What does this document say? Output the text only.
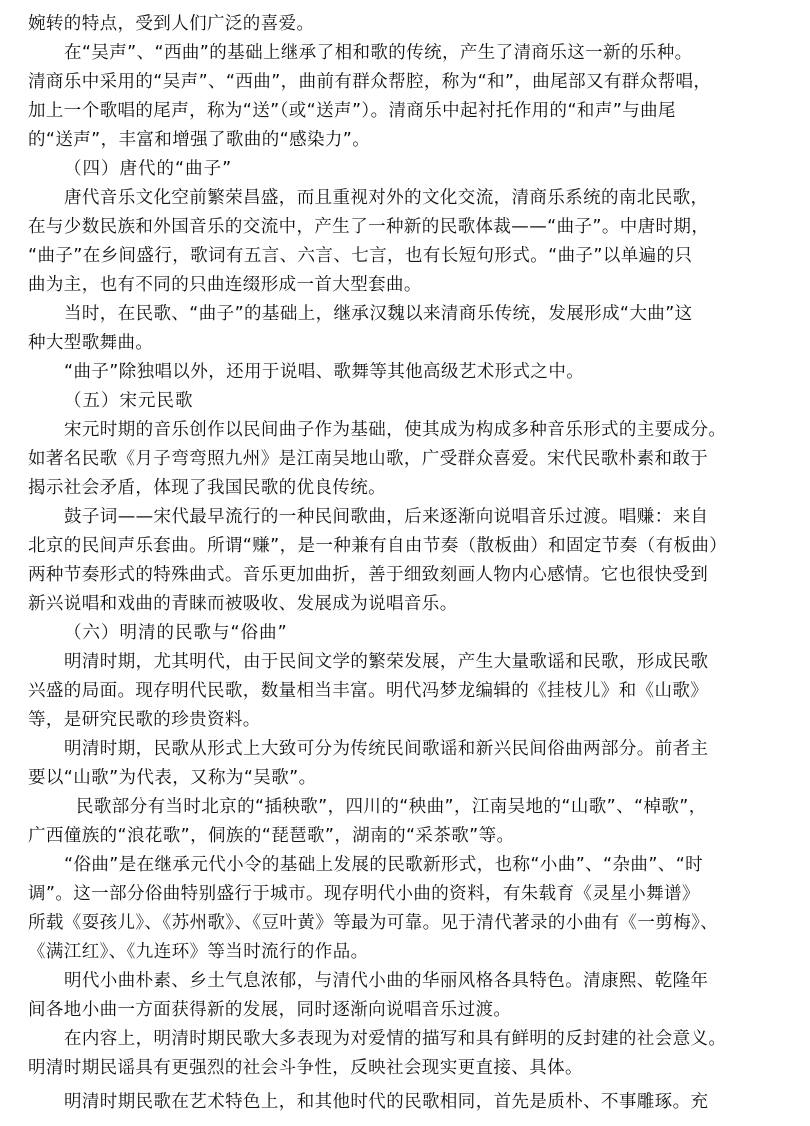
婉转的特点，受到人们广泛的喜爱。
在“吴声”、“西曲”的基础上继承了相和歌的传统，产生了清商乐这一新的乐种。
清商乐中采用的“吴声”、“西曲”，曲前有群众帮腔，称为“和”，曲尾部又有群众帮唱，
加上一个歌唱的尾声，称为“送”（或“送声”）。清商乐中起衬托作用的“和声”与曲尾
的“送声”，丰富和增强了歌曲的“感染力”。
（四）唐代的“曲子”
唐代音乐文化空前繁荣昌盛，而且重视对外的文化交流，清商乐系统的南北民歌，
在与少数民族和外国音乐的交流中，产生了一种新的民歌体裁——“曲子”。中唐时期，
“曲子”在乡间盛行，歌词有五言、六言、七言，也有长短句形式。“曲子”以单遍的只
曲为主，也有不同的只曲连缀形成一首大型套曲。
当时，在民歌、“曲子”的基础上，继承汉魏以来清商乐传统，发展形成“大曲”这
种大型歌舞曲。
“曲子”除独唱以外，还用于说唱、歌舞等其他高级艺术形式之中。
（五）宋元民歌
宋元时期的音乐创作以民间曲子作为基础，使其成为构成多种音乐形式的主要成分。
如著名民歌《月子弯弯照九州》是江南吴地山歌，广受群众喜爱。宋代民歌朴素和敢于
揭示社会矛盾，体现了我国民歌的优良传统。
鼓子词——宋代最早流行的一种民间歌曲，后来逐渐向说唱音乐过渡。唱赚：来自
北京的民间声乐套曲。所谓“赚”，是一种兼有自由节奏（散板曲）和固定节奏（有板曲）
两种节奏形式的特殊曲式。音乐更加曲折，善于细致刻画人物内心感情。它也很快受到
新兴说唱和戏曲的青睐而被吸收、发展成为说唱音乐。
（六）明清的民歌与“俗曲”
明清时期，尤其明代，由于民间文学的繁荣发展，产生大量歌谣和民歌，形成民歌
兴盛的局面。现存明代民歌，数量相当丰富。明代冯梦龙编辑的《挂枝儿》和《山歌》
等，是研究民歌的珍贵资料。
明清时期，民歌从形式上大致可分为传统民间歌谣和新兴民间俗曲两部分。前者主
要以“山歌”为代表，又称为“吴歌”。
民歌部分有当时北京的“插秧歌”，四川的“秧曲”，江南吴地的“山歌”、“棹歌”，
广西僮族的“浪花歌”，侗族的“琵琶歌”，湖南的“采茶歌”等。
“俗曲”是在继承元代小令的基础上发展的民歌新形式，也称“小曲”、“杂曲”、“时
调”。这一部分俗曲特别盛行于城市。现存明代小曲的资料，有朱载育《灵星小舞谱》
所载《耍孩儿》、《苏州歌》、《豆叶黄》等最为可靠。见于清代著录的小曲有《一剪梅》、
《满江红》、《九连环》等当时流行的作品。
明代小曲朴素、乡土气息浓郁，与清代小曲的华丽风格各具特色。清康熙、乾隆年
间各地小曲一方面获得新的发展，同时逐渐向说唱音乐过渡。
在内容上，明清时期民歌大多表现为对爱情的描写和具有鲜明的反封建的社会意义。
明清时期民谣具有更强烈的社会斗争性，反映社会现实更直接、具体。
明清时期民歌在艺术特色上，和其他时代的民歌相同，首先是质朴、不事雕琢。充
